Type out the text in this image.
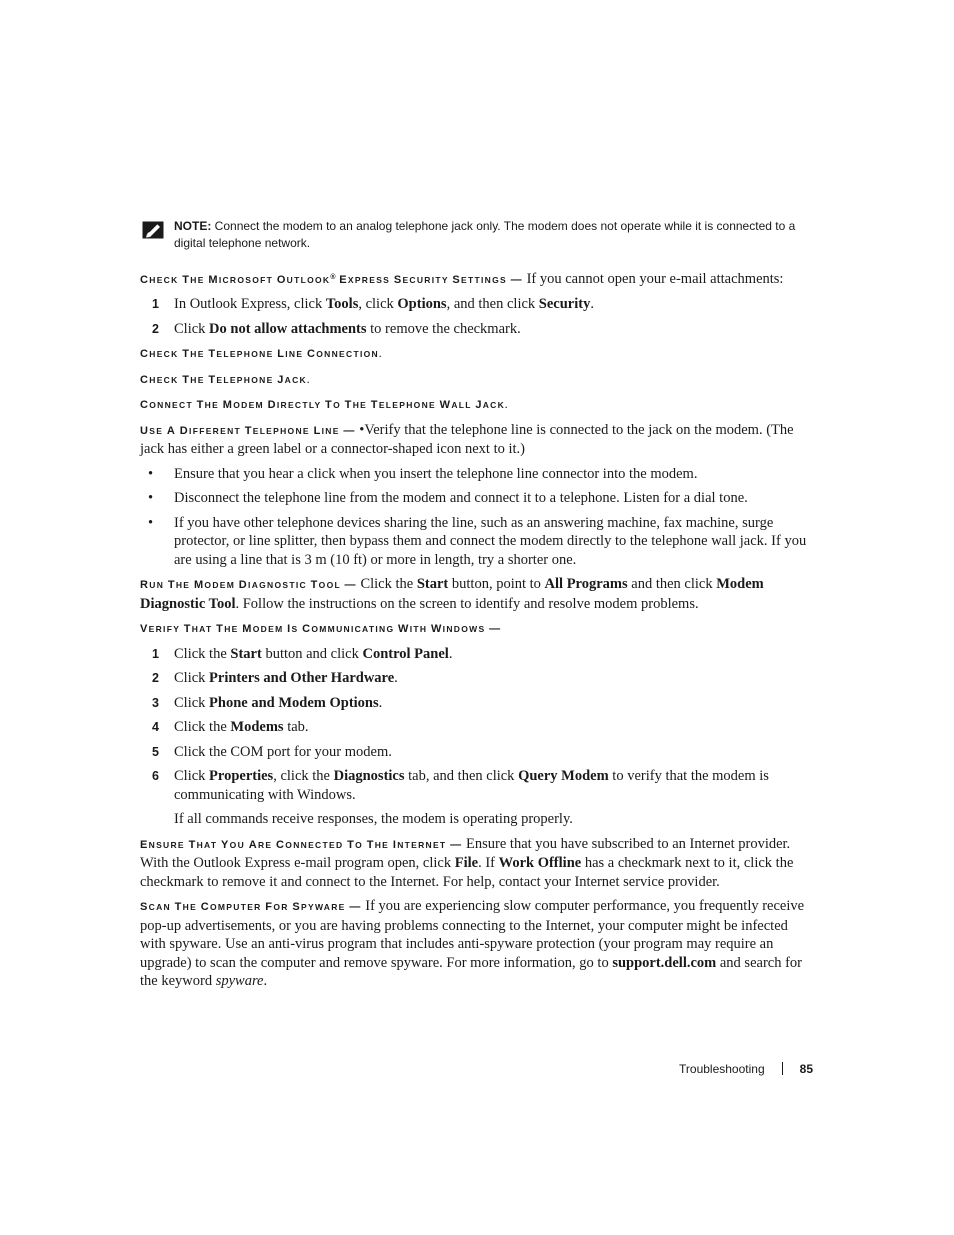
NOTE: Connect the modem to an analog telephone jack only. The modem does not operate while it is connected to a digital telephone network.

CHECK THE MICROSOFT OUTLOOK® EXPRESS SECURITY SETTINGS — If you cannot open your e-mail attachments:

1 In Outlook Express, click Tools, click Options, and then click Security.
2 Click Do not allow attachments to remove the checkmark.

CHECK THE TELEPHONE LINE CONNECTION.

CHECK THE TELEPHONE JACK.

CONNECT THE MODEM DIRECTLY TO THE TELEPHONE WALL JACK.

USE A DIFFERENT TELEPHONE LINE — •Verify that the telephone line is connected to the jack on the modem. (The jack has either a green label or a connector-shaped icon next to it.)

• Ensure that you hear a click when you insert the telephone line connector into the modem.
• Disconnect the telephone line from the modem and connect it to a telephone. Listen for a dial tone.
• If you have other telephone devices sharing the line, such as an answering machine, fax machine, surge protector, or line splitter, then bypass them and connect the modem directly to the telephone wall jack. If you are using a line that is 3 m (10 ft) or more in length, try a shorter one.

RUN THE MODEM DIAGNOSTIC TOOL — Click the Start button, point to All Programs and then click Modem Diagnostic Tool. Follow the instructions on the screen to identify and resolve modem problems.

VERIFY THAT THE MODEM IS COMMUNICATING WITH WINDOWS —

1 Click the Start button and click Control Panel.
2 Click Printers and Other Hardware.
3 Click Phone and Modem Options.
4 Click the Modems tab.
5 Click the COM port for your modem.
6 Click Properties, click the Diagnostics tab, and then click Query Modem to verify that the modem is communicating with Windows.

If all commands receive responses, the modem is operating properly.

ENSURE THAT YOU ARE CONNECTED TO THE INTERNET — Ensure that you have subscribed to an Internet provider. With the Outlook Express e-mail program open, click File. If Work Offline has a checkmark next to it, click the checkmark to remove it and connect to the Internet. For help, contact your Internet service provider.

SCAN THE COMPUTER FOR SPYWARE — If you are experiencing slow computer performance, you frequently receive pop-up advertisements, or you are having problems connecting to the Internet, your computer might be infected with spyware. Use an anti-virus program that includes anti-spyware protection (your program may require an upgrade) to scan the computer and remove spyware. For more information, go to support.dell.com and search for the keyword spyware.

Troubleshooting	85
